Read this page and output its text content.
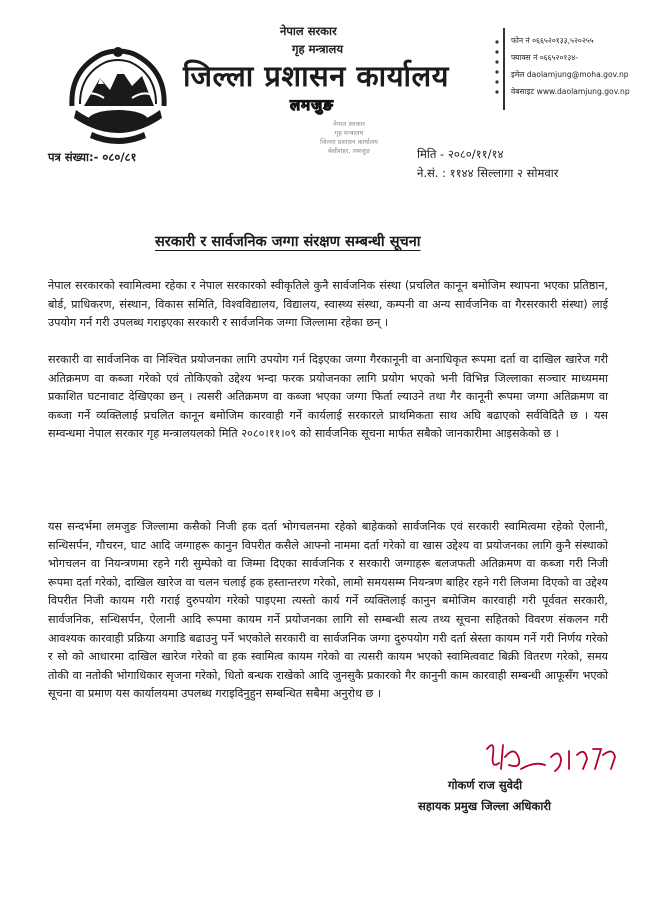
नेपाल सरकार
गृह मन्त्रालय
जिल्ला प्रशासन कार्यालय
लमजुङ
फोन नं ०६६५२०१३३,५२०२५५
फ्याक्स नं ०६६५२०१३४-
इमेल daolamjung@moha.gov.np
वेबसाइट www.daolamjung.gov.np
नेपाल सरकार
गृह मन्त्रालय
जिल्ला प्रशासन कार्यालय
बेसीशहर, लमजुङ
पत्र संख्या:- ०८०/८१	मिति - २०८०/११/१४
ने.सं. : ११४४ सिल्लागा २ सोमवार
सरकारी र सार्वजनिक जग्गा संरक्षण सम्बन्धी सूचना

नेपाल सरकारको स्वामित्वमा रहेका र नेपाल सरकारको स्वीकृतिले कुनै सार्वजनिक संस्था (प्रचलित कानून बमोजिम स्थापना भएका प्रतिष्ठान, बोर्ड, प्राधिकरण, संस्थान, विकास समिति, विश्वविद्यालय, विद्यालय, स्वास्थ्य संस्था, कम्पनी वा अन्य सार्वजनिक वा गैरसरकारी संस्था) लाई उपयोग गर्न गरी उपलब्ध गराइएका सरकारी र सार्वजनिक जग्गा जिल्लामा रहेका छन् ।

सरकारी वा सार्वजनिक वा निश्चित प्रयोजनका लागि उपयोग गर्न दिइएका जग्गा गैरकानूनी वा अनाधिकृत रूपमा दर्ता वा दाखिल खारेज गरी अतिक्रमण वा कब्जा गरेको एवं तोकिएको उद्देश्य भन्दा फरक प्रयोजनका लागि प्रयोग भएको भनी विभिन्न जिल्लाका सञ्चार माध्यममा प्रकाशित घटनावाट देखिएका छन् । त्यसरी अतिक्रमण वा कब्जा भएका जग्गा फिर्ता ल्याउने तथा गैर कानूनी रूपमा जग्गा अतिक्रमण वा कब्जा गर्ने व्यक्तिलाई प्रचलित कानून बमोजिम कारवाही गर्ने कार्यलाई सरकारले प्राथमिकता साथ अघि बढाएको सर्वविदितै छ । यस सम्वन्धमा नेपाल सरकार गृह मन्त्रालयलको मिति २०८०।११।०९ को सार्वजनिक सूचना मार्फत सबैको जानकारीमा आइसकेको छ ।

यस सन्दर्भमा लमजुङ जिल्लामा कसैको निजी हक दर्ता भोगचलनमा रहेको बाहेकको सार्वजनिक एवं सरकारी स्वामित्वमा रहेको ऐलानी, सन्धिसर्पन, गौचरन, घाट आदि जग्गाहरू कानुन विपरीत कसैले आफ्नो नाममा दर्ता गरेको वा खास उद्देश्य वा प्रयोजनका लागि कुनै संस्थाको भोगचलन वा नियन्त्रणमा रहने गरी सुम्पेको वा जिम्मा दिएका सार्वजनिक र सरकारी जग्गाहरू बलजफती अतिक्रमण वा कब्जा गरी निजी रूपमा दर्ता गरेको, दाखिल खारेज वा चलन चलाई हक हस्तान्तरण गरेको, लामो समयसम्म नियन्त्रण बाहिर रहने गरी लिजमा दिएको वा उद्देश्य विपरीत निजी कायम गरी गराई दुरुपयोग गरेको पाइएमा त्यस्तो कार्य गर्ने व्यक्तिलाई कानुन बमोजिम कारवाही गरी पूर्ववत सरकारी, सार्वजनिक, सन्धिसर्पन, ऐलानी आदि रूपमा कायम गर्ने प्रयोजनका लागि सो सम्बन्धी सत्य तथ्य सूचना सहितको विवरण संकलन गरी आवश्यक कारवाही प्रक्रिया अगाडि बढाउनु पर्ने भएकोले सरकारी वा सार्वजनिक जग्गा दुरुपयोग गरी दर्ता स्रेस्ता कायम गर्ने गरी निर्णय गरेको र सो को आधारमा दाखिल खारेज गरेको वा हक स्वामित्व कायम गरेको वा त्यसरी कायम भएको स्वामित्ववाट बिक्री वितरण गरेको, समय तोकी वा नतोकी भोगाधिकार सृजना गरेको, धितो बन्धक राखेको आदि जुनसुकै प्रकारको गैर कानुनी काम कारवाही सम्बन्धी आफूसँग भएको सूचना वा प्रमाण यस कार्यालयमा उपलब्ध गराइदिनुहुन सम्बन्धित सबैमा अनुरोध छ ।

गोकर्ण राज सुवेदी
सहायक प्रमुख जिल्ला अधिकारी
